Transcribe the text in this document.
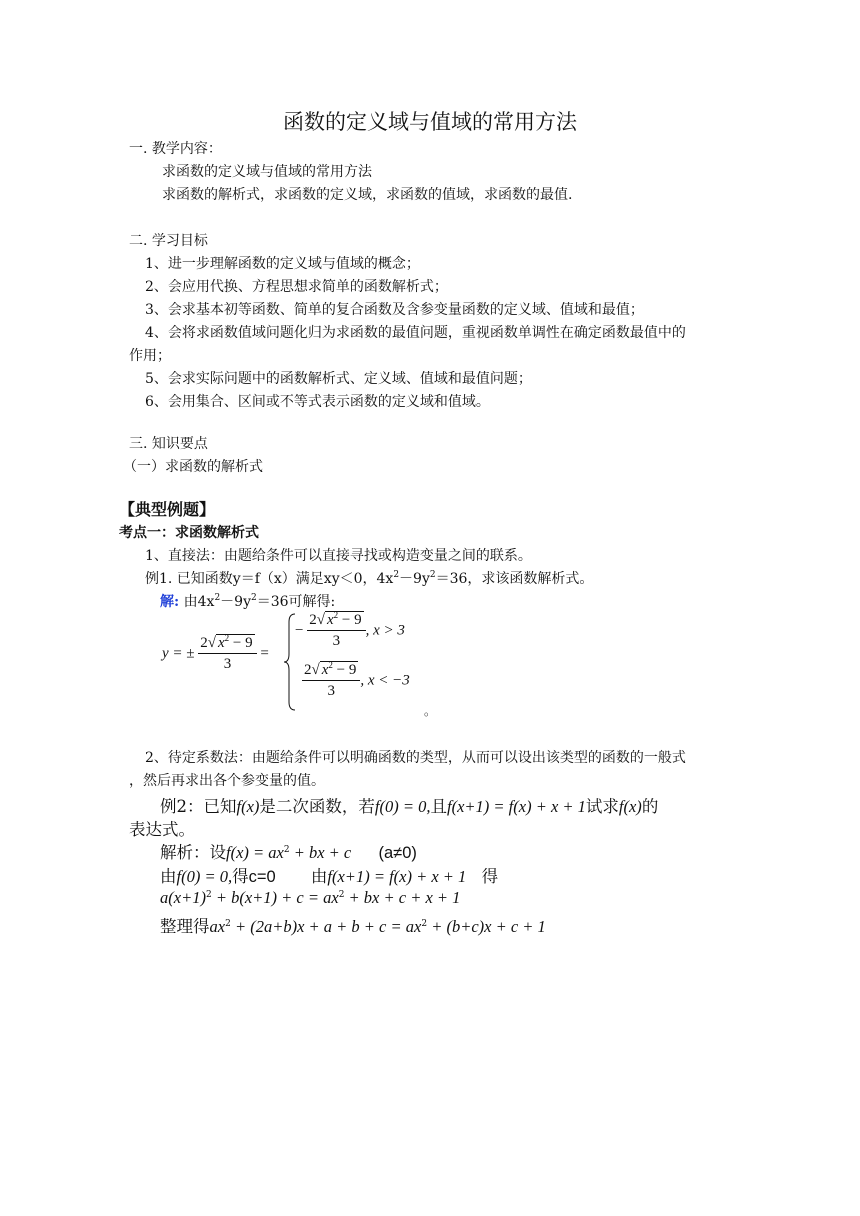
函数的定义域与值域的常用方法
一. 教学内容：
求函数的定义域与值域的常用方法
求函数的解析式，求函数的定义域，求函数的值域，求函数的最值.
二. 学习目标
1、进一步理解函数的定义域与值域的概念；
2、会应用代换、方程思想求简单的函数解析式；
3、会求基本初等函数、简单的复合函数及含参变量函数的定义域、值域和最值；
4、会将求函数值域问题化归为求函数的最值问题，重视函数单调性在确定函数最值中的
作用；
5、会求实际问题中的函数解析式、定义域、值域和最值问题；
6、会用集合、区间或不等式表示函数的定义域和值域。
三. 知识要点
（一）求函数的解析式
【典型例题】
考点一：求函数解析式
1、直接法：由题给条件可以直接寻找或构造变量之间的联系。
例1. 已知函数y＝f（x）满足xy＜0，$4x^2-9y^2=36$，求该函数解析式。
解: 由$4x^2-9y^2=36$可解得:
y = ± $\frac{2√ x^2 - 9}{3}$ =
− $\frac{2√ x^2 - 9}{3}$ , x > 3
$\frac{2√ x^2 - 9}{3}$ , x < −3
。
2、待定系数法：由题给条件可以明确函数的类型，从而可以设出该类型的函数的一般式
，然后再求出各个参变量的值。
例2：已知f(x)是二次函数，若f(0) = 0,且f(x+1) = f(x) + x + 1试求f(x)的
表达式。
解析：设$f(x) = ax^2$ + bx + c (a≠0)
由f(0) = 0,得c=0 由f(x+1) = f(x) + x + 1 得
$a(x+1)^2 + b(x+1) + c = ax^2$ + bx + c + x + 1
整理得$ax^2 + (2a+b)x + a + b + c = ax^2 + (b+c)x + c + 1$
